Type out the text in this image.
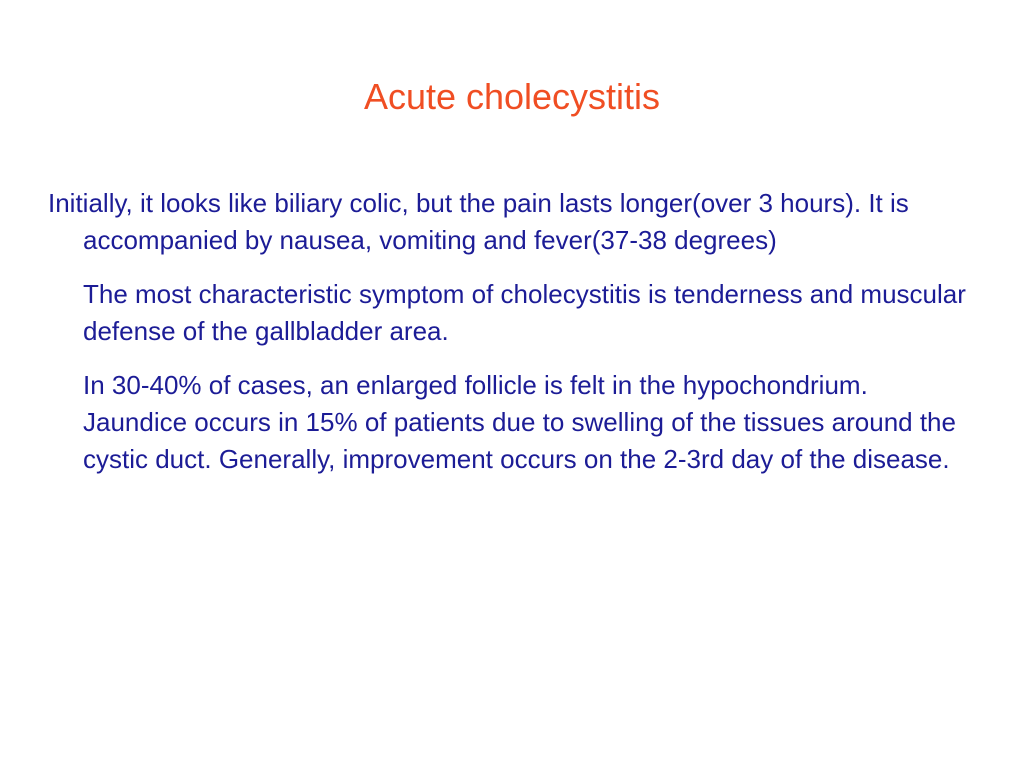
Acute cholecystitis

Initially, it looks like biliary colic, but the pain lasts longer(over 3 hours). It is accompanied by nausea, vomiting and fever(37-38 degrees)

The most characteristic symptom of cholecystitis is tenderness and muscular defense of the gallbladder area.

In 30-40% of cases, an enlarged follicle is felt in the hypochondrium. Jaundice occurs in 15% of patients due to swelling of the tissues around the cystic duct. Generally, improvement occurs on the 2-3rd day of the disease.
